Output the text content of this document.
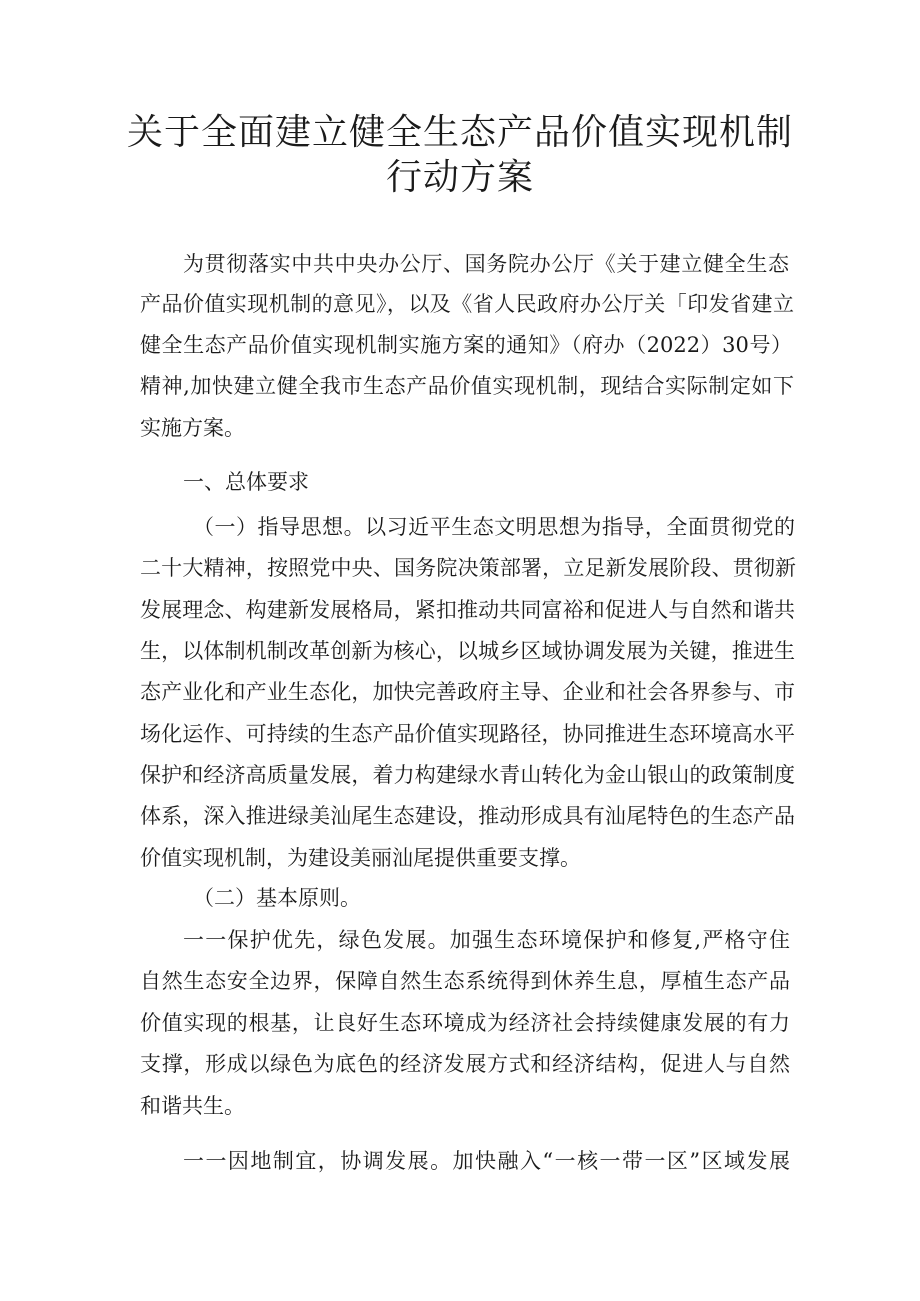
关于全面建立健全生态产品价值实现机制
行动方案
为贯彻落实中共中央办公厅、国务院办公厅《关于建立健全生态
产品价值实现机制的意见》，以及《省人民政府办公厅关「印发省建立
健全生态产品价值实现机制实施方案的通知》（府办（2022）30号）
精神,加快建立健全我市生态产品价值实现机制，现结合实际制定如下
实施方案。
一、总体要求
（一）指导思想。以习近平生态文明思想为指导，全面贯彻党的
二十大精神，按照党中央、国务院决策部署，立足新发展阶段、贯彻新
发展理念、构建新发展格局，紧扣推动共同富裕和促进人与自然和谐共
生，以体制机制改革创新为核心，以城乡区域协调发展为关键，推进生
态产业化和产业生态化，加快完善政府主导、企业和社会各界参与、市
场化运作、可持续的生态产品价值实现路径，协同推进生态环境高水平
保护和经济高质量发展，着力构建绿水青山转化为金山银山的政策制度
体系，深入推进绿美汕尾生态建设，推动形成具有汕尾特色的生态产品
价值实现机制，为建设美丽汕尾提供重要支撑。
（二）基本原则。
一一保护优先，绿色发展。加强生态环境保护和修复,严格守住
自然生态安全边界，保障自然生态系统得到休养生息，厚植生态产品
价值实现的根基，让良好生态环境成为经济社会持续健康发展的有力
支撑，形成以绿色为底色的经济发展方式和经济结构，促进人与自然
和谐共生。
一一因地制宜，协调发展。加快融入“一核一带一区”区域发展
